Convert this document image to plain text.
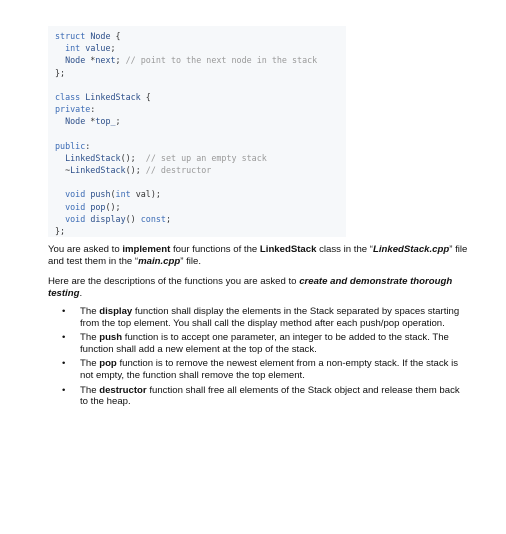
struct Node {
int value;
Node *next; // point to the next node in the stack
};
class LinkedStack {
private:
Node *top_;
public:
LinkedStack();  // set up an empty stack
~LinkedStack(); // destructor
void push(int val);
void pop();
void display() const;
};
You are asked to implement four functions of the LinkedStack class in the “LinkedStack.cpp” file and test them in the “main.cpp” file.
Here are the descriptions of the functions you are asked to create and demonstrate thorough testing.
• The display function shall display the elements in the Stack separated by spaces starting from the top element. You shall call the display method after each push/pop operation.
• The push function is to accept one parameter, an integer to be added to the stack. The function shall add a new element at the top of the stack.
• The pop function is to remove the newest element from a non-empty stack. If the stack is not empty, the function shall remove the top element.
• The destructor function shall free all elements of the Stack object and release them back to the heap.
